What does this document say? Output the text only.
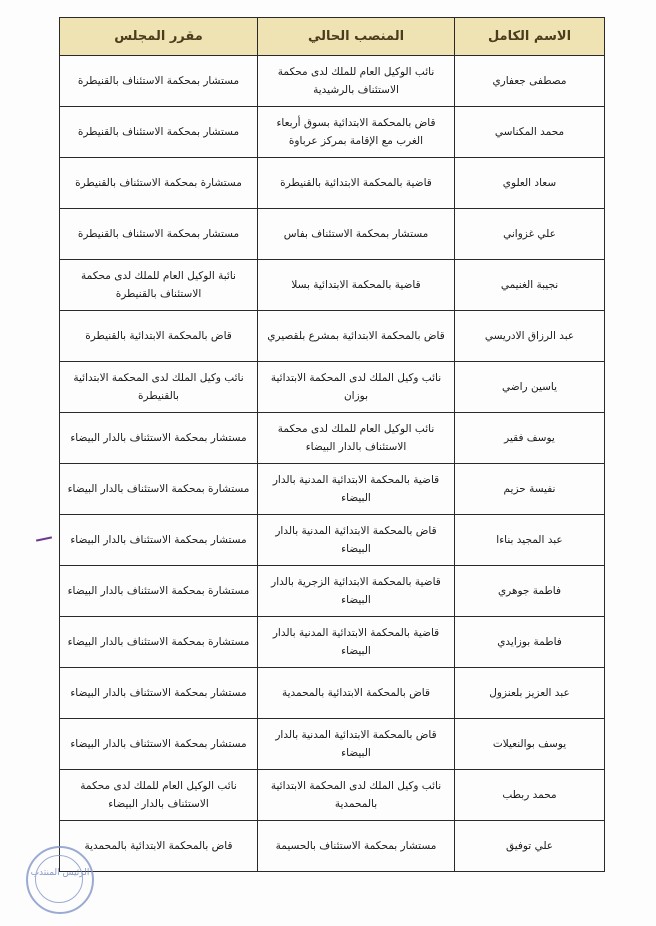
الاسم الكامل	المنصب الحالي	مقرر المجلس
مصطفى جعفاري	نائب الوكيل العام للملك لدى محكمة الاستئناف بالرشيدية	مستشار بمحكمة الاستئناف بالقنيطرة
محمد المكناسي	قاض بالمحكمة الابتدائية بسوق أربعاء الغرب مع الإقامة بمركز عرباوة	مستشار بمحكمة الاستئناف بالقنيطرة
سعاد العلوي	قاضية بالمحكمة الابتدائية بالقنيطرة	مستشارة بمحكمة الاستئناف بالقنيطرة
علي غزواني	مستشار بمحكمة الاستئناف بفاس	مستشار بمحكمة الاستئناف بالقنيطرة
نجيبة الغنيمي	قاضية بالمحكمة الابتدائية بسلا	نائبة الوكيل العام للملك لدى محكمة الاستئناف بالقنيطرة
عبد الرزاق الادريسي	قاض بالمحكمة الابتدائية بمشرع بلقصيري	قاض بالمحكمة الابتدائية بالقنيطرة
ياسين راضي	نائب وكيل الملك لدى المحكمة الابتدائية بوزان	نائب وكيل الملك لدى المحكمة الابتدائية بالقنيطرة
يوسف فقير	نائب الوكيل العام للملك لدى محكمة الاستئناف بالدار البيضاء	مستشار بمحكمة الاستئناف بالدار البيضاء
نفيسة حزيم	قاضية بالمحكمة الابتدائية المدنية بالدار البيضاء	مستشارة بمحكمة الاستئناف بالدار البيضاء
عبد المجيد بناءا	قاض بالمحكمة الابتدائية المدنية بالدار البيضاء	مستشار بمحكمة الاستئناف بالدار البيضاء
فاطمة جوهري	قاضية بالمحكمة الابتدائية الزجرية بالدار البيضاء	مستشارة بمحكمة الاستئناف بالدار البيضاء
فاطمة بوزايدي	قاضية بالمحكمة الابتدائية المدنية بالدار البيضاء	مستشارة بمحكمة الاستئناف بالدار البيضاء
عبد العزيز بلعنزول	قاض بالمحكمة الابتدائية بالمحمدية	مستشار بمحكمة الاستئناف بالدار البيضاء
يوسف بوالنعيلات	قاض بالمحكمة الابتدائية المدنية بالدار البيضاء	مستشار بمحكمة الاستئناف بالدار البيضاء
محمد ربطب	نائب وكيل الملك لدى المحكمة الابتدائية بالمحمدية	نائب الوكيل العام للملك لدى محكمة الاستئناف بالدار البيضاء
علي توفيق	مستشار بمحكمة الاستئناف بالحسيمة	قاض بالمحكمة الابتدائية بالمحمدية
الرئيس المنتدب
